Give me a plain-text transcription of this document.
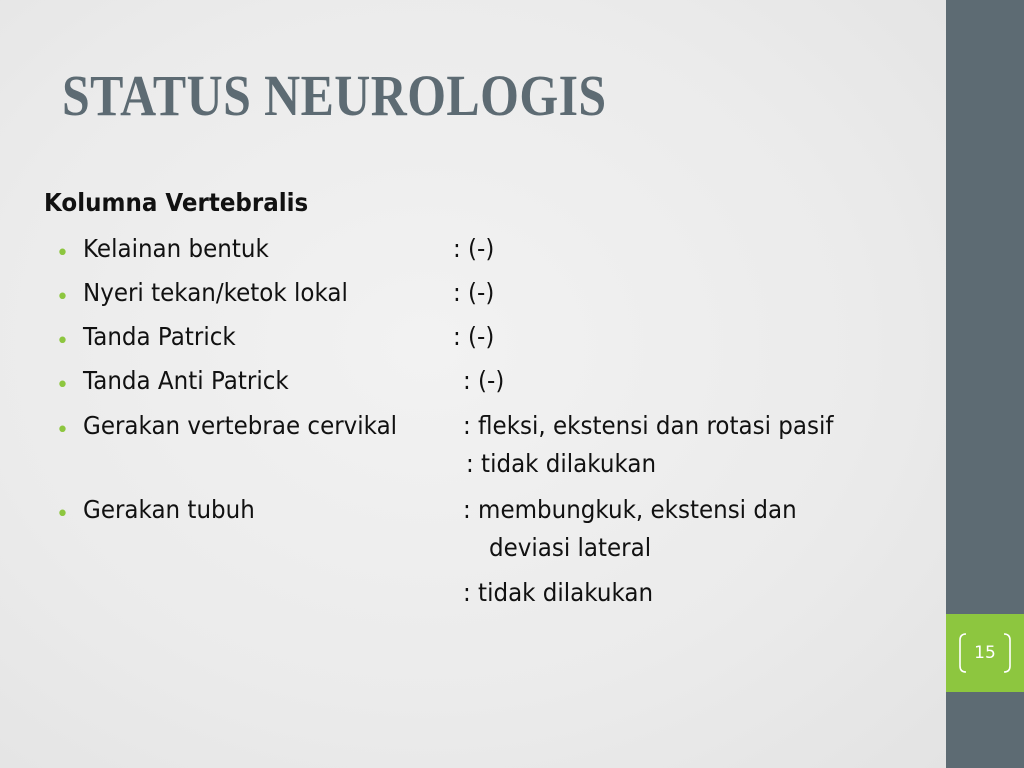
15
STATUS NEUROLOGIS
Kolumna Vertebralis
•
Kelainan bentuk	: (-)
•
Nyeri tekan/ketok lokal	: (-)
•
Tanda Patrick	: (-)
•
Tanda Anti Patrick	: (-)
•
Gerakan vertebrae cervikal	: fleksi, ekstensi dan rotasi pasif
: tidak dilakukan
•
Gerakan tubuh	: membungkuk, ekstensi dan
deviasi lateral
: tidak dilakukan
